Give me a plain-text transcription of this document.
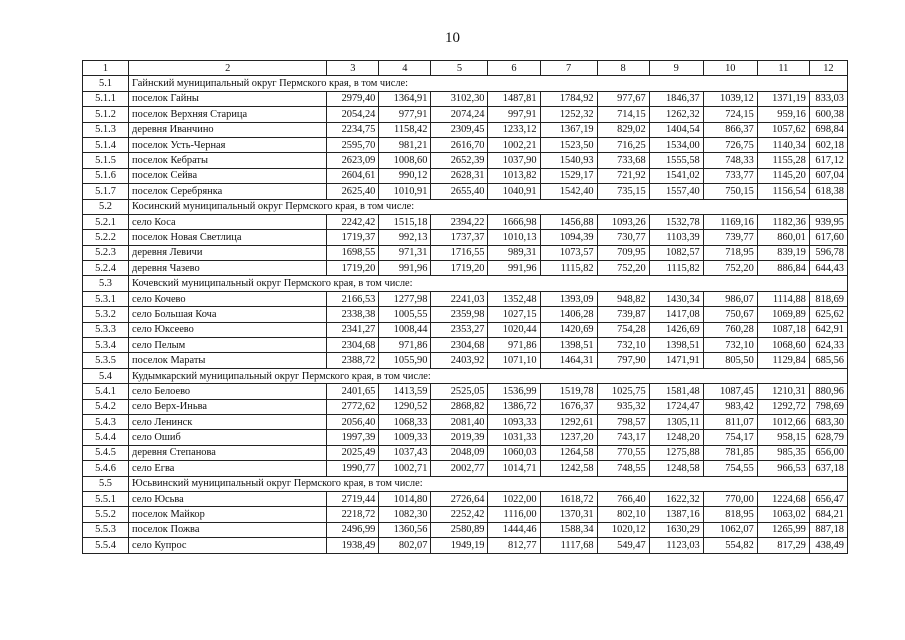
10
1	2	3	4	5	6	7	8	9	10	11	12
5.1	Гайнский муниципальный округ Пермского края, в том числе:										
5.1.1	поселок Гайны	2979,40	1364,91	3102,30	1487,81	1784,92	977,67	1846,37	1039,12	1371,19	833,03
5.1.2	поселок Верхняя Старица	2054,24	977,91	2074,24	997,91	1252,32	714,15	1262,32	724,15	959,16	600,38
5.1.3	деревня Иванчино	2234,75	1158,42	2309,45	1233,12	1367,19	829,02	1404,54	866,37	1057,62	698,84
5.1.4	поселок Усть-Черная	2595,70	981,21	2616,70	1002,21	1523,50	716,25	1534,00	726,75	1140,34	602,18
5.1.5	поселок Кебраты	2623,09	1008,60	2652,39	1037,90	1540,93	733,68	1555,58	748,33	1155,28	617,12
5.1.6	поселок Сейва	2604,61	990,12	2628,31	1013,82	1529,17	721,92	1541,02	733,77	1145,20	607,04
5.1.7	поселок Серебрянка	2625,40	1010,91	2655,40	1040,91	1542,40	735,15	1557,40	750,15	1156,54	618,38
5.2	Косинский муниципальный округ Пермского края, в том числе:										
5.2.1	село Коса	2242,42	1515,18	2394,22	1666,98	1456,88	1093,26	1532,78	1169,16	1182,36	939,95
5.2.2	поселок Новая Светлица	1719,37	992,13	1737,37	1010,13	1094,39	730,77	1103,39	739,77	860,01	617,60
5.2.3	деревня Левичи	1698,55	971,31	1716,55	989,31	1073,57	709,95	1082,57	718,95	839,19	596,78
5.2.4	деревня Чазево	1719,20	991,96	1719,20	991,96	1115,82	752,20	1115,82	752,20	886,84	644,43
5.3	Кочевский муниципальный округ Пермского края, в том числе:										
5.3.1	село Кочево	2166,53	1277,98	2241,03	1352,48	1393,09	948,82	1430,34	986,07	1114,88	818,69
5.3.2	село Большая Коча	2338,38	1005,55	2359,98	1027,15	1406,28	739,87	1417,08	750,67	1069,89	625,62
5.3.3	село Юксеево	2341,27	1008,44	2353,27	1020,44	1420,69	754,28	1426,69	760,28	1087,18	642,91
5.3.4	село Пелым	2304,68	971,86	2304,68	971,86	1398,51	732,10	1398,51	732,10	1068,60	624,33
5.3.5	поселок Мараты	2388,72	1055,90	2403,92	1071,10	1464,31	797,90	1471,91	805,50	1129,84	685,56
5.4	Кудымкарский муниципальный округ Пермского края, в том числе:										
5.4.1	село Белоево	2401,65	1413,59	2525,05	1536,99	1519,78	1025,75	1581,48	1087,45	1210,31	880,96
5.4.2	село Верх-Иньва	2772,62	1290,52	2868,82	1386,72	1676,37	935,32	1724,47	983,42	1292,72	798,69
5.4.3	село Ленинск	2056,40	1068,33	2081,40	1093,33	1292,61	798,57	1305,11	811,07	1012,66	683,30
5.4.4	село Ошиб	1997,39	1009,33	2019,39	1031,33	1237,20	743,17	1248,20	754,17	958,15	628,79
5.4.5	деревня Степанова	2025,49	1037,43	2048,09	1060,03	1264,58	770,55	1275,88	781,85	985,35	656,00
5.4.6	село Егва	1990,77	1002,71	2002,77	1014,71	1242,58	748,55	1248,58	754,55	966,53	637,18
5.5	Юсьвинский муниципальный округ Пермского края, в том числе:										
5.5.1	село Юсьва	2719,44	1014,80	2726,64	1022,00	1618,72	766,40	1622,32	770,00	1224,68	656,47
5.5.2	поселок Майкор	2218,72	1082,30	2252,42	1116,00	1370,31	802,10	1387,16	818,95	1063,02	684,21
5.5.3	поселок Пожва	2496,99	1360,56	2580,89	1444,46	1588,34	1020,12	1630,29	1062,07	1265,99	887,18
5.5.4	село Купрос	1938,49	802,07	1949,19	812,77	1117,68	549,47	1123,03	554,82	817,29	438,49
